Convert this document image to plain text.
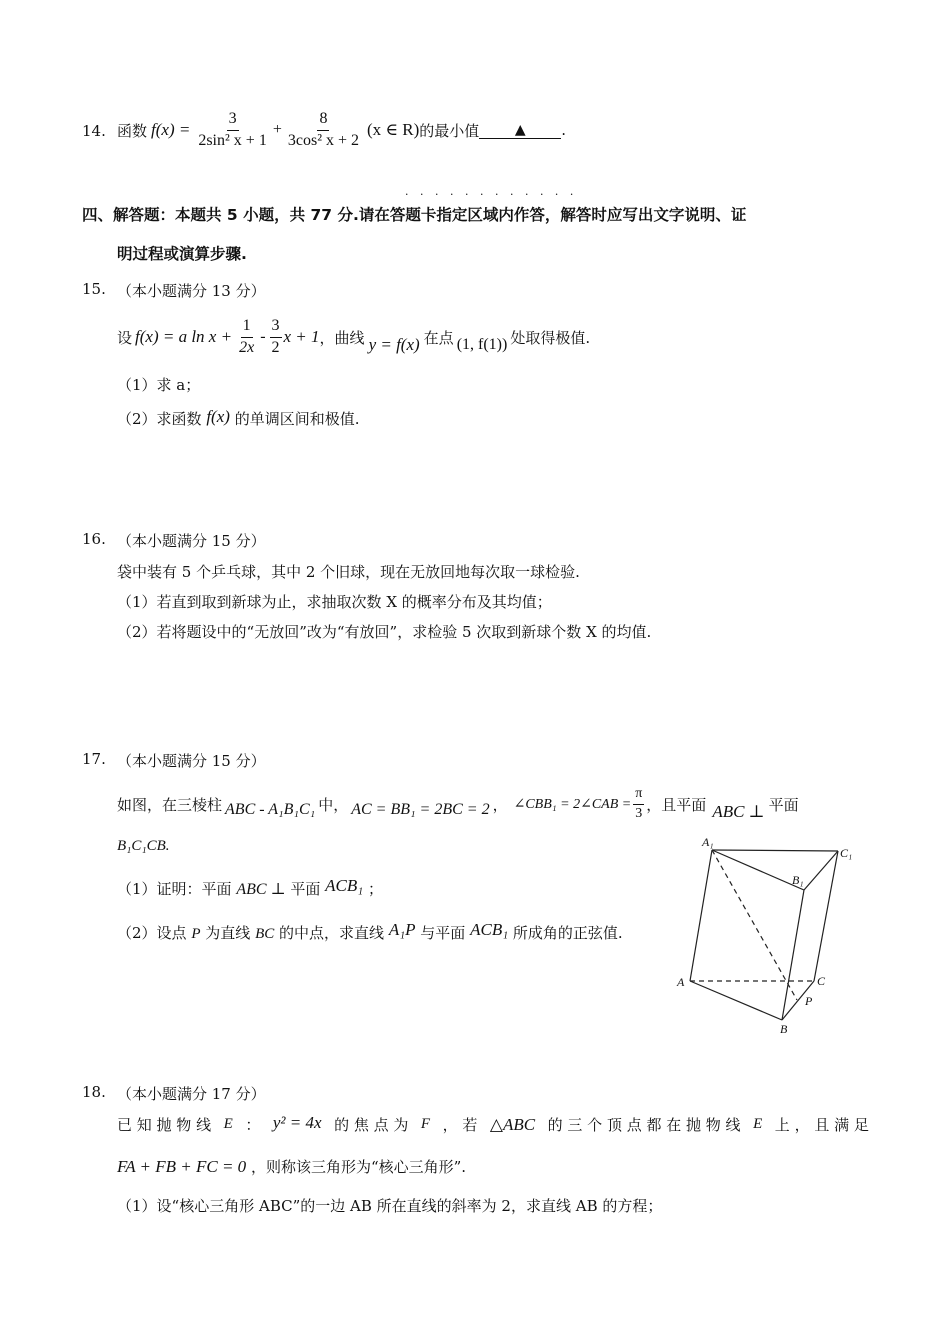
14. 函数 $f(x) = \frac{3}{\text{2sin² x + 1}} + \frac{8}{\text{3cos² x + 2}} (x$ ∈ R) 的最小值	▲	.
· · · · · · · · · · · ·
四、解答题：本题共 5 小题，共 77 分.请在答题卡指定区域内作答，解答时应写出文字说明、证
明过程或演算步骤.
15. （本小题满分 13 分）
设 f(x) = a $\ln x + \frac{1}{2x} - \frac{3}{2}$ x + 1 ，曲线 y = f(x) 在点 (1, f(1)) 处取得极值.
（1）求 a；
（2）求函数 f(x) 的单调区间和极值.
16. （本小题满分 15 分）
袋中装有 5 个乒乓球，其中 2 个旧球，现在无放回地每次取一球检验.
（1）若直到取到新球为止，求抽取次数 X 的概率分布及其均值；
（2）若将题设中的“无放回”改为“有放回”，求检验 5 次取到新球个数 X 的均值.
17. （本小题满分 15 分）
如图，在三棱柱 ABC - A₁B₁C₁ 中， AC = BB₁ = 2BC = 2 ， ∠CBB₁ = 2∠CAB = $\frac{\pi}{3}$ ，且平面 ABC ⊥ 平面
B₁C₁CB.
（1）证明：平面 ABC ⊥ 平面 ACB₁ ；
（2）设点 P 为直线 BC 的中点，求直线 A₁P 与平面 ACB₁ 所成角的正弦值.
A₁
C₁
B₁
A	C
P
B
18. （本小题满分 17 分）
已 知 抛 物 线 E ： y² = 4x 的 焦 点 为 F ， 若 △ABC 的 三 个 顶 点 都 在 抛 物 线 E 上 ， 且 满 足
FA + FB + FC = 0 ，则称该三角形为“核心三角形”.
（1）设“核心三角形 ABC”的一边 AB 所在直线的斜率为 2，求直线 AB 的方程；
